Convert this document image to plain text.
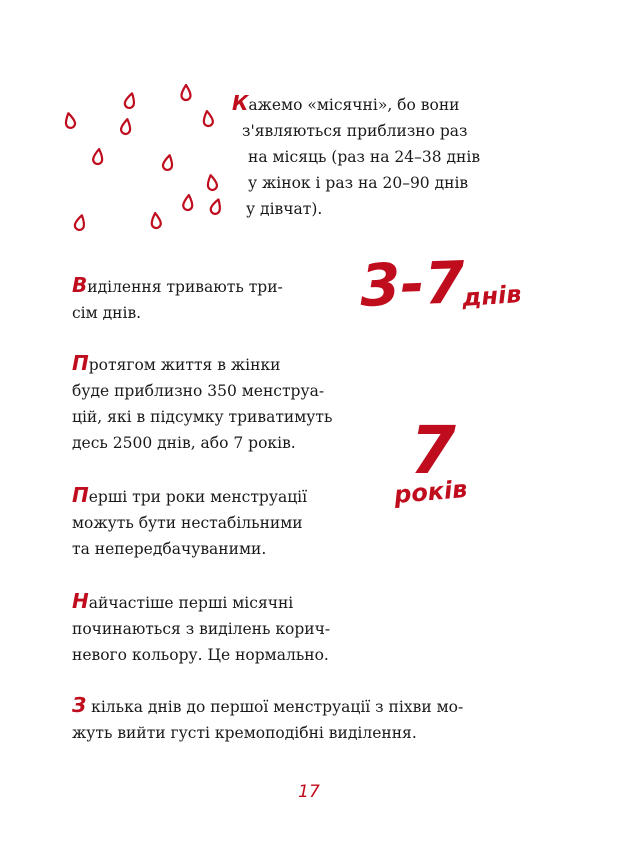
Кажемо «місячні», бо вони
з'являються приблизно раз
на місяць (раз на 24–38 днів
у жінок і раз на 20–90 днів
у дівчат).

Виділення тривають три-
сім днів.

Протягом життя в жінки
буде приблизно 350 менструа-
цій, які в підсумку триватимуть
десь 2500 днів, або 7 років.

Перші три роки менструації
можуть бути нестабільними
та непередбачуваними.

Найчастіше перші місячні
починаються з виділень корич-
невого кольору. Це нормально.

З кілька днів до першої менструації з піхви мо-
жуть вийти густі кремоподібні виділення.

3-7
днів
7
років
17
